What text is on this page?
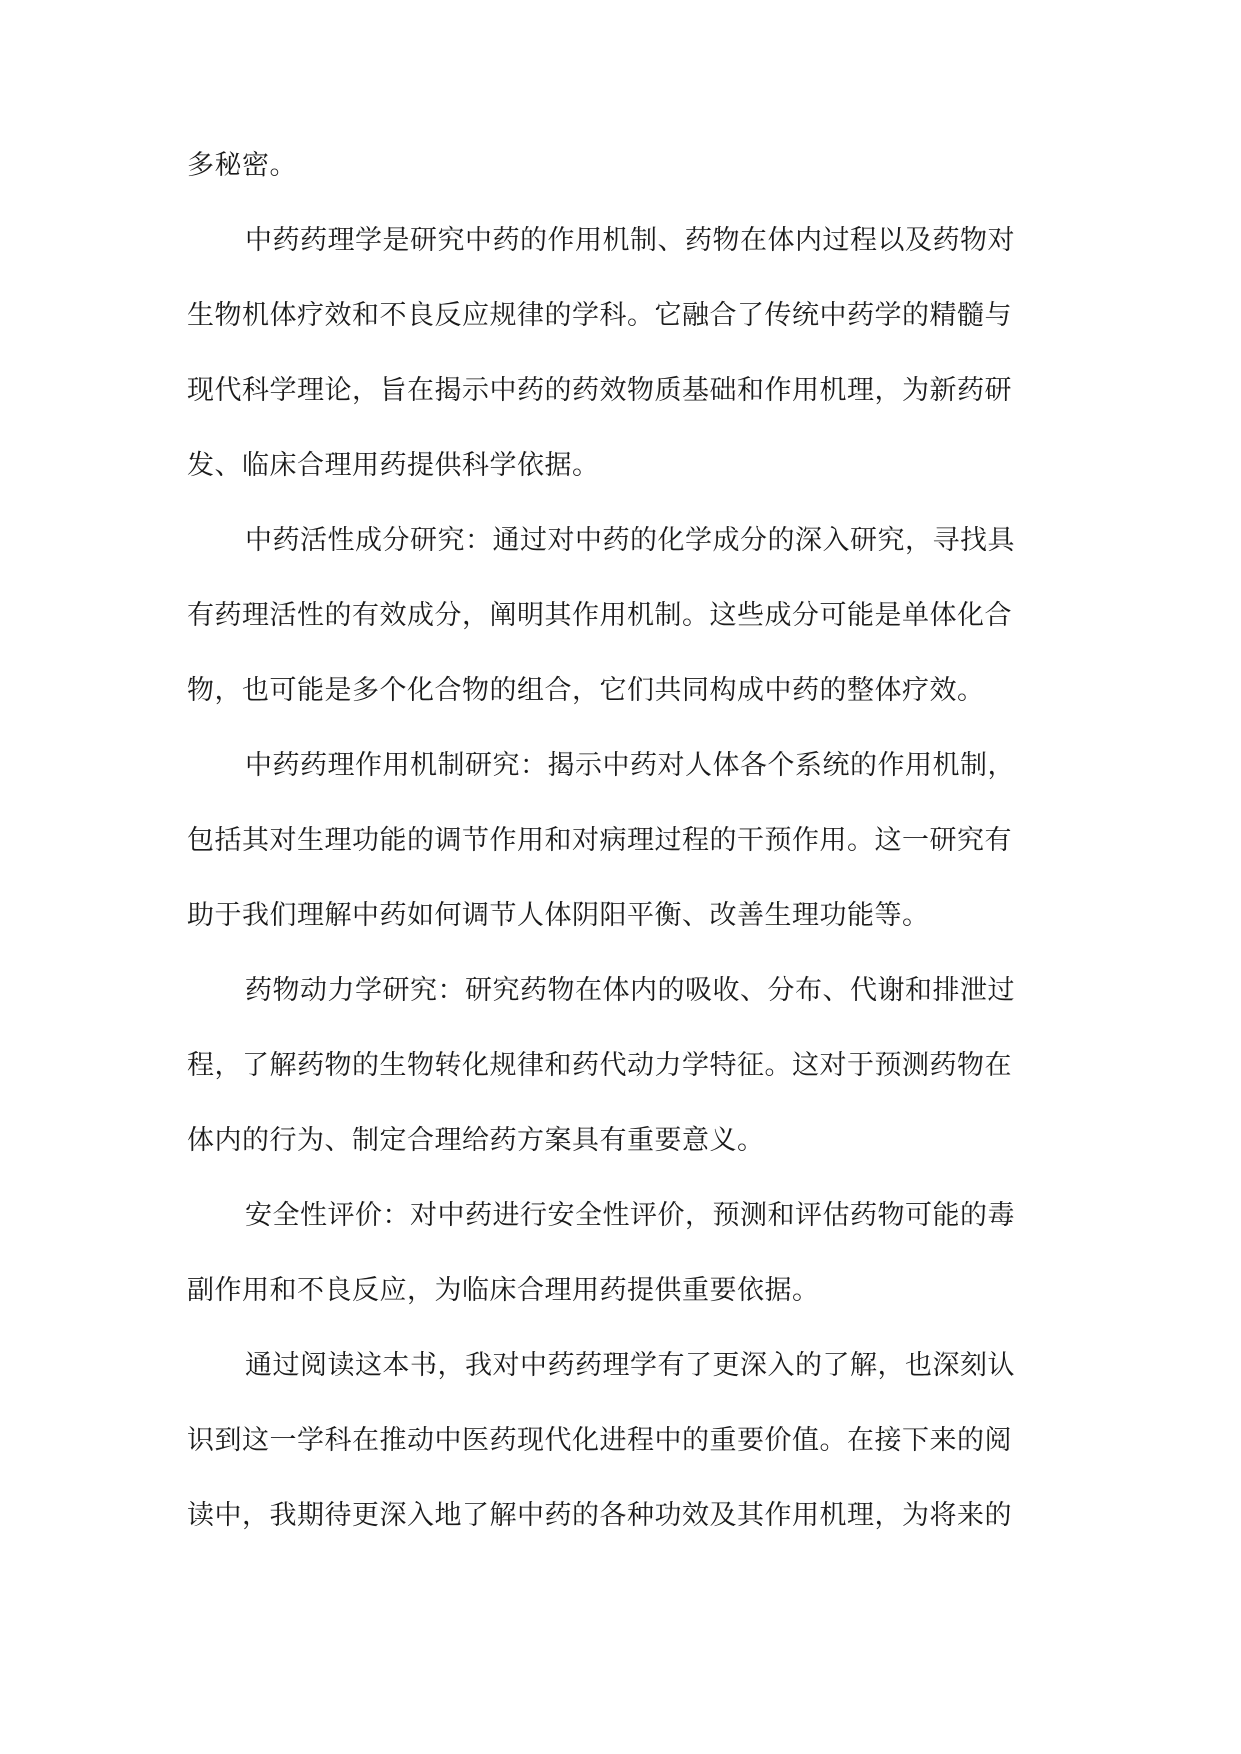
多秘密。
中药药理学是研究中药的作用机制、药物在体内过程以及药物对
生物机体疗效和不良反应规律的学科。它融合了传统中药学的精髓与
现代科学理论，旨在揭示中药的药效物质基础和作用机理，为新药研
发、临床合理用药提供科学依据。
中药活性成分研究：通过对中药的化学成分的深入研究，寻找具
有药理活性的有效成分，阐明其作用机制。这些成分可能是单体化合
物，也可能是多个化合物的组合，它们共同构成中药的整体疗效。
中药药理作用机制研究：揭示中药对人体各个系统的作用机制，
包括其对生理功能的调节作用和对病理过程的干预作用。这一研究有
助于我们理解中药如何调节人体阴阳平衡、改善生理功能等。
药物动力学研究：研究药物在体内的吸收、分布、代谢和排泄过
程，了解药物的生物转化规律和药代动力学特征。这对于预测药物在
体内的行为、制定合理给药方案具有重要意义。
安全性评价：对中药进行安全性评价，预测和评估药物可能的毒
副作用和不良反应，为临床合理用药提供重要依据。
通过阅读这本书，我对中药药理学有了更深入的了解，也深刻认
识到这一学科在推动中医药现代化进程中的重要价值。在接下来的阅
读中，我期待更深入地了解中药的各种功效及其作用机理，为将来的
